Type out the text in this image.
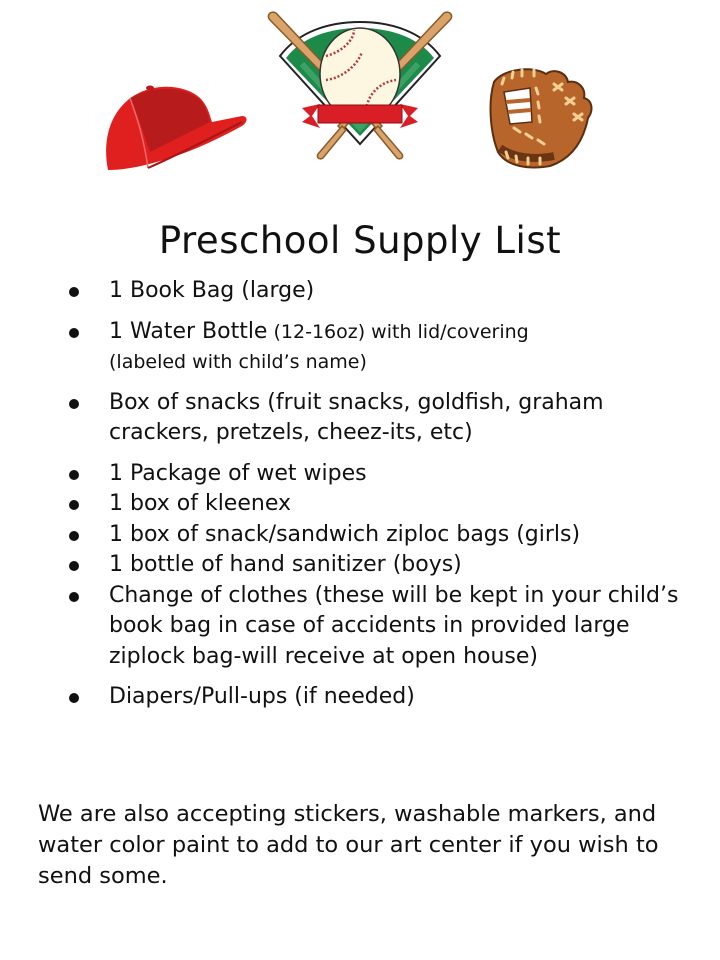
Preschool Supply List
1 Book Bag (large)
1 Water Bottle (12-16oz) with lid/covering
(labeled with child’s name)
Box of snacks (fruit snacks, goldfish, graham crackers, pretzels, cheez-its, etc)
1 Package of wet wipes
1 box of kleenex
1 box of snack/sandwich ziploc bags (girls)
1 bottle of hand sanitizer (boys)
Change of clothes (these will be kept in your child’s book bag in case of accidents in provided large ziplock bag-will receive at open house)
Diapers/Pull-ups (if needed)

We are also accepting stickers, washable markers, and water color paint to add to our art center if you wish to send some.
